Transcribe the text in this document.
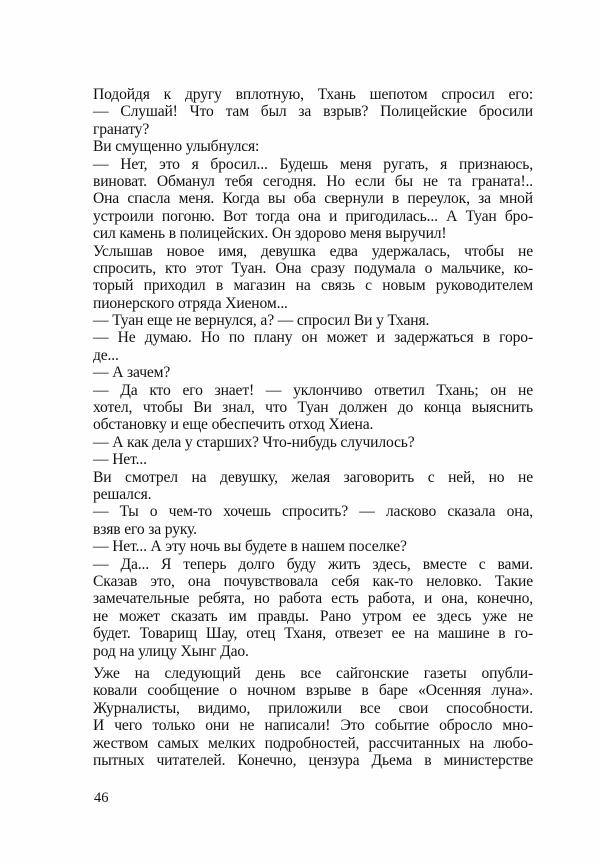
Подойдя к другу вплотную, Тхань шепотом спросил его:
— Слушай! Что там был за взрыв? Полицейские бросили
гранату?
Ви смущенно улыбнулся:
— Нет, это я бросил... Будешь меня ругать, я признаюсь,
виноват. Обманул тебя сегодня. Но если бы не та граната!..
Она спасла меня. Когда вы оба свернули в переулок, за мной
устроили погоню. Вот тогда она и пригодилась... А Туан бро-
сил камень в полицейских. Он здорово меня выручил!
Услышав новое имя, девушка едва удержалась, чтобы не
спросить, кто этот Туан. Она сразу подумала о мальчике, ко-
торый приходил в магазин на связь с новым руководителем
пионерского отряда Хиеном...
— Туан еще не вернулся, а? — спросил Ви у Тханя.
— Не думаю. Но по плану он может и задержаться в горо-
де...
— А зачем?
— Да кто его знает! — уклончиво ответил Тхань; он не
хотел, чтобы Ви знал, что Туан должен до конца выяснить
обстановку и еще обеспечить отход Хиена.
— А как дела у старших? Что-нибудь случилось?
— Нет...
Ви смотрел на девушку, желая заговорить с ней, но не
решался.
— Ты о чем-то хочешь спросить? — ласково сказала она,
взяв его за руку.
— Нет... А эту ночь вы будете в нашем поселке?
— Да... Я теперь долго буду жить здесь, вместе с вами.
Сказав это, она почувствовала себя как-то неловко. Такие
замечательные ребята, но работа есть работа, и она, конечно,
не может сказать им правды. Рано утром ее здесь уже не
будет. Товарищ Шау, отец Тханя, отвезет ее на машине в го-
род на улицу Хынг Дао.
Уже на следующий день все сайгонские газеты опубли-
ковали сообщение о ночном взрыве в баре «Осенняя луна».
Журналисты, видимо, приложили все свои способности.
И чего только они не написали! Это событие обросло мно-
жеством самых мелких подробностей, рассчитанных на любо-
пытных читателей. Конечно, цензура Дьема в министерстве
46
